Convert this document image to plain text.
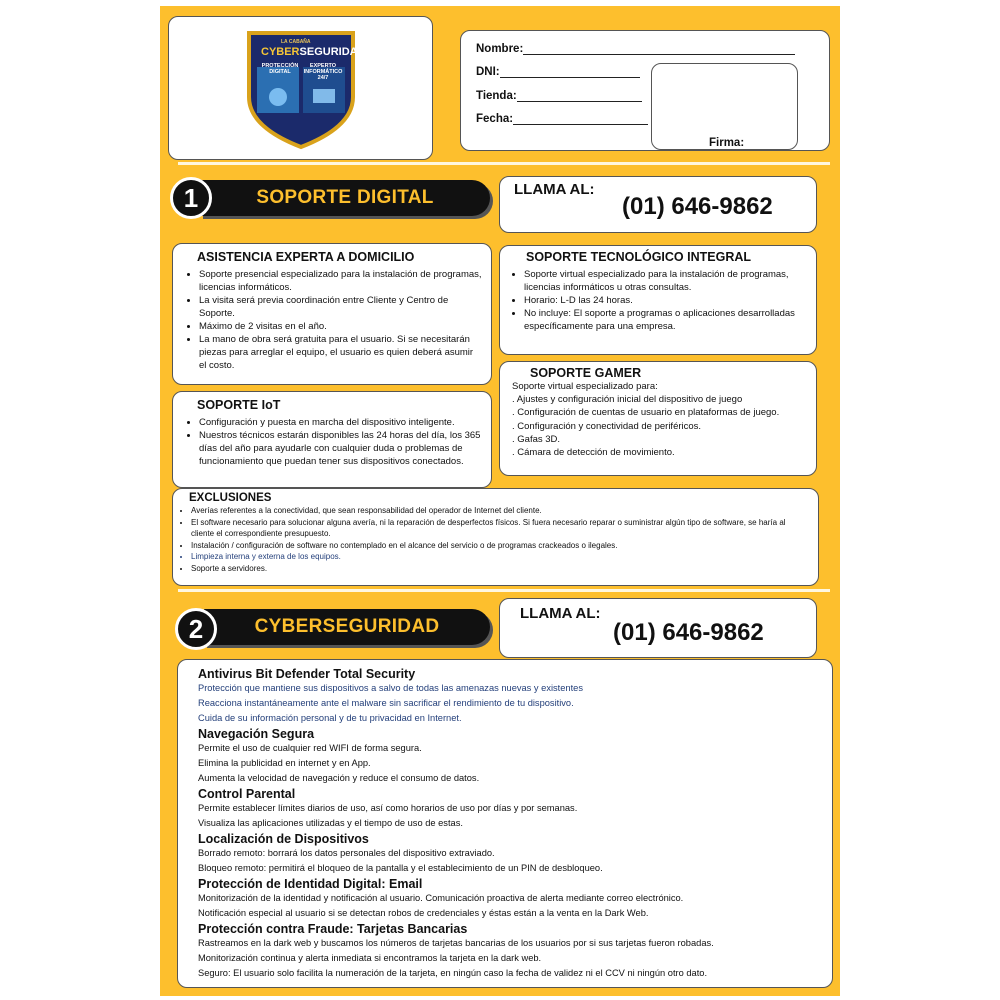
LA CABAÑA
CYBERSEGURIDAD
PROTECCIÓN DIGITAL
EXPERTO INFORMÁTICO 24/7
Nombre:
DNI:
Tienda:
Fecha:
Firma:
SOPORTE DIGITAL
1	LLAMA AL:
(01) 646-9862
ASISTENCIA EXPERTA A DOMICILIO
• Soporte presencial especializado para la instalación de programas, licencias informáticos.
• La visita será previa coordinación entre Cliente y Centro de Soporte.
• Máximo de 2 visitas en el año.
• La mano de obra será gratuita para el usuario. Si se necesitarán piezas para arreglar el equipo, el usuario es quien deberá asumir el costo.
SOPORTE TECNOLÓGICO INTEGRAL
• Soporte virtual especializado para la instalación de programas, licencias informáticos u otras consultas.
• Horario: L-D las 24 horas.
• No incluye: El soporte a programas o aplicaciones desarrolladas específicamente para una empresa.
SOPORTE IoT
• Configuración y puesta en marcha del dispositivo inteligente.
• Nuestros técnicos estarán disponibles las 24 horas del día, los 365 días del año para ayudarle con cualquier duda o problemas de funcionamiento que puedan tener sus dispositivos conectados.
SOPORTE GAMER
Soporte virtual especializado para:
. Ajustes y configuración inicial del dispositivo de juego
. Configuración de cuentas de usuario en plataformas de juego.
. Configuración y conectividad de periféricos.
. Gafas 3D.
. Cámara de detección de movimiento.
EXCLUSIONES
• Averías referentes a la conectividad, que sean responsabilidad del operador de Internet del cliente.
• El software necesario para solucionar alguna avería, ni la reparación de desperfectos físicos. Si fuera necesario reparar o suministrar algún tipo de software, se haría al cliente el correspondiente presupuesto.
• Instalación / configuración de software no contemplado en el alcance del servicio o de programas crackeados o ilegales.
• Limpieza interna y externa de los equipos.
• Soporte a servidores.
CYBERSEGURIDAD
2	LLAMA AL:
(01) 646-9862
Antivirus Bit Defender Total Security
Protección que mantiene sus dispositivos a salvo de todas las amenazas nuevas y existentes
Reacciona instantáneamente ante el malware sin sacrificar el rendimiento de tu dispositivo.
Cuida de su información personal y de tu privacidad en Internet.
Navegación Segura
Permite el uso de cualquier red WIFI de forma segura.
Elimina la publicidad en internet y en App.
Aumenta la velocidad de navegación y reduce el consumo de datos.
Control Parental
Permite establecer límites diarios de uso, así como horarios de uso por días y por semanas.
Visualiza las aplicaciones utilizadas y el tiempo de uso de estas.
Localización de Dispositivos
Borrado remoto: borrará los datos personales del dispositivo extraviado.
Bloqueo remoto: permitirá el bloqueo de la pantalla y el establecimiento de un PIN de desbloqueo.
Protección de Identidad Digital: Email
Monitorización de la identidad y notificación al usuario. Comunicación proactiva de alerta mediante correo electrónico.
Notificación especial al usuario si se detectan robos de credenciales y éstas están a la venta en la Dark Web.
Protección contra Fraude: Tarjetas Bancarias
Rastreamos en la dark web y buscamos los números de tarjetas bancarias de los usuarios por si sus tarjetas fueron robadas.
Monitorización continua y alerta inmediata si encontramos la tarjeta en la dark web.
Seguro: El usuario solo facilita la numeración de la tarjeta, en ningún caso la fecha de validez ni el CCV ni ningún otro dato.
